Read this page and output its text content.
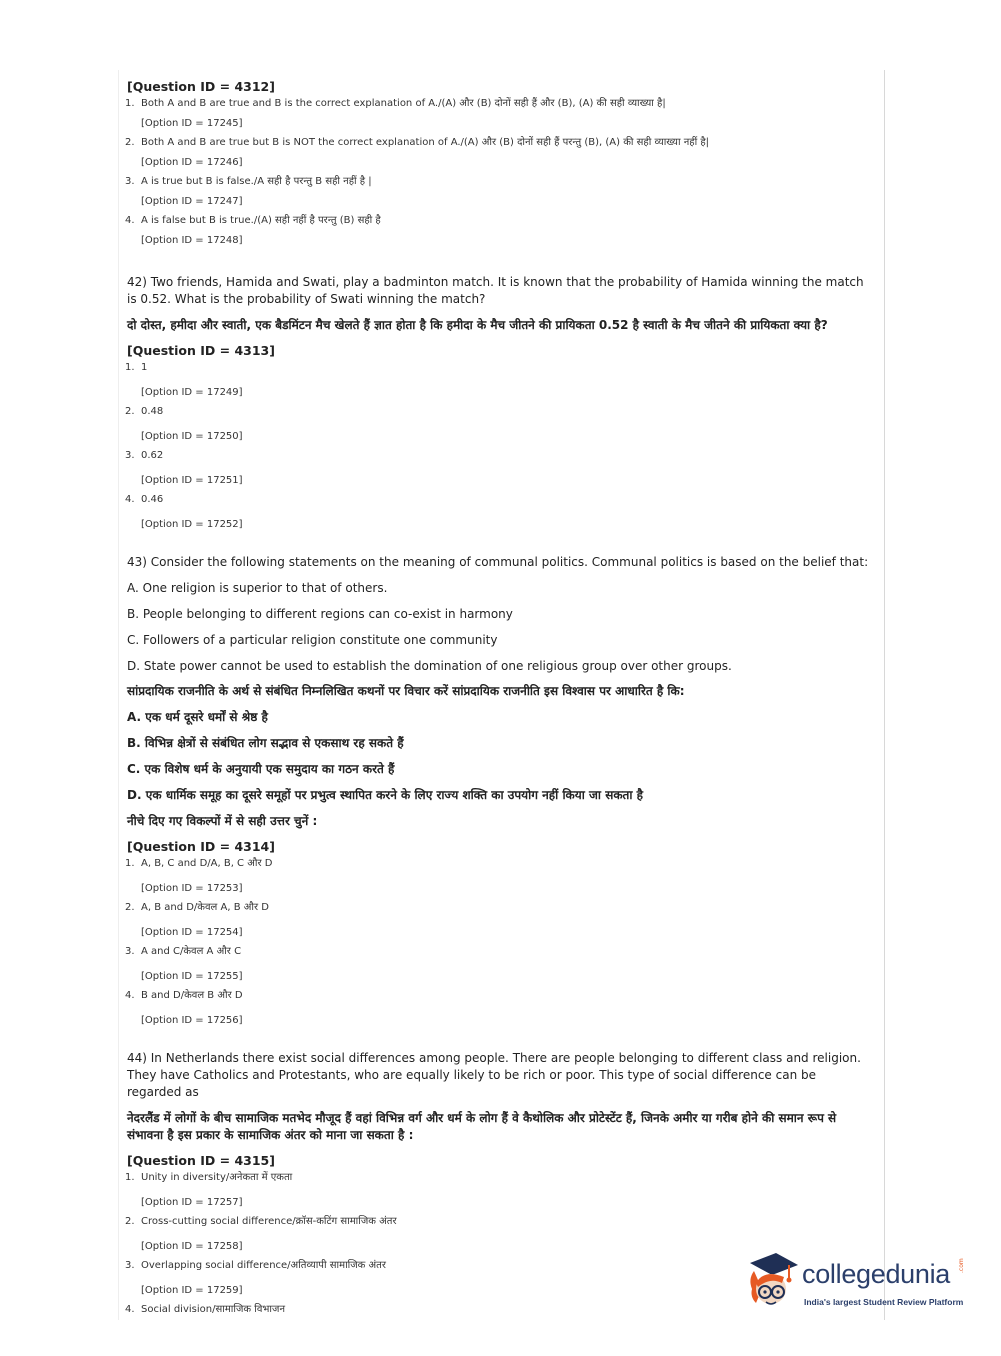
[Question ID = 4312]
1. Both A and B are true and B is the correct explanation of A./(A) और (B) दोनों सही हैं और (B), (A) की सही व्याख्या है|
[Option ID = 17245]
2. Both A and B are true but B is NOT the correct explanation of A./(A) और (B) दोनों सही हैं परन्तु (B), (A) की सही व्याख्या नहीं है|
[Option ID = 17246]
3. A is true but B is false./A सही है परन्तु B सही नहीं है |
[Option ID = 17247]
4. A is false but B is true./(A) सही नहीं है परन्तु (B) सही है
[Option ID = 17248]

42) Two friends, Hamida and Swati, play a badminton match. It is known that the probability of Hamida winning the match is 0.52. What is the probability of Swati winning the match?

दो दोस्त, हमीदा और स्वाती, एक बैडमिंटन मैच खेलते हैं ज्ञात होता है कि हमीदा के मैच जीतने की प्रायिकता 0.52 है स्वाती के मैच जीतने की प्रायिकता क्या है?

[Question ID = 4313]
1. 1
[Option ID = 17249]
2. 0.48
[Option ID = 17250]
3. 0.62
[Option ID = 17251]
4. 0.46
[Option ID = 17252]

43) Consider the following statements on the meaning of communal politics. Communal politics is based on the belief that:

A. One religion is superior to that of others.

B. People belonging to different regions can co-exist in harmony

C. Followers of a particular religion constitute one community

D. State power cannot be used to establish the domination of one religious group over other groups.

सांप्रदायिक राजनीति के अर्थ से संबंधित निम्नलिखित कथनों पर विचार करें सांप्रदायिक राजनीति इस विश्वास पर आधारित है कि:

A. एक धर्म दूसरे धर्मों से श्रेष्ठ है

B. विभिन्न क्षेत्रों से संबंधित लोग सद्भाव से एकसाथ रह सकते हैं

C. एक विशेष धर्म के अनुयायी एक समुदाय का गठन करते हैं

D. एक धार्मिक समूह का दूसरे समूहों पर प्रभुत्व स्थापित करने के लिए राज्य शक्ति का उपयोग नहीं किया जा सकता है

नीचे दिए गए विकल्पों में से सही उत्तर चुनें :

[Question ID = 4314]
1. A, B, C and D/A, B, C और D
[Option ID = 17253]
2. A, B and D/केवल A, B और D
[Option ID = 17254]
3. A and C/केवल A और C
[Option ID = 17255]
4. B and D/केवल B और D
[Option ID = 17256]

44) In Netherlands there exist social differences among people. There are people belonging to different class and religion. They have Catholics and Protestants, who are equally likely to be rich or poor. This type of social difference can be regarded as

नेदरलैंड में लोगों के बीच सामाजिक मतभेद मौजूद हैं वहां विभिन्न वर्ग और धर्म के लोग हैं वे कैथोलिक और प्रोटेस्टेंट हैं, जिनके अमीर या गरीब होने की समान रूप से संभावना है इस प्रकार के सामाजिक अंतर को माना जा सकता है :

[Question ID = 4315]
1. Unity in diversity/अनेकता में एकता
[Option ID = 17257]
2. Cross-cutting social difference/क्रॉस-कटिंग सामाजिक अंतर
[Option ID = 17258]
3. Overlapping social difference/अतिव्यापी सामाजिक अंतर
[Option ID = 17259]
4. Social division/सामाजिक विभाजन
collegedunia .com
India's largest Student Review Platform
